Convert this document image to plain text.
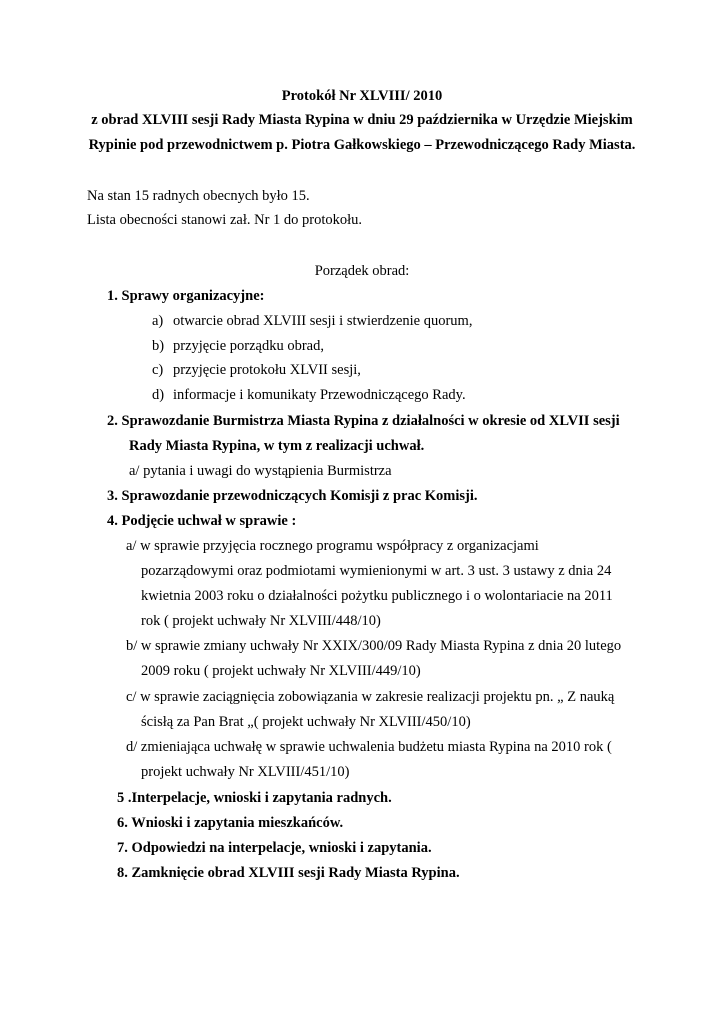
Protokół Nr XLVIII/ 2010
z obrad XLVIII sesji Rady Miasta Rypina w dniu 29 października w Urzędzie Miejskim
Rypinie pod przewodnictwem p. Piotra Gałkowskiego – Przewodniczącego Rady Miasta.
Na stan 15 radnych obecnych było 15.
Lista obecności stanowi zał. Nr 1 do protokołu.
Porządek obrad:
1. Sprawy organizacyjne:
a) otwarcie obrad XLVIII sesji i stwierdzenie quorum,
b) przyjęcie porządku obrad,
c) przyjęcie protokołu XLVII sesji,
d) informacje i komunikaty Przewodniczącego Rady.
2. Sprawozdanie Burmistrza Miasta Rypina z działalności w okresie od XLVII sesji
Rady Miasta Rypina, w tym z realizacji uchwał.
a/ pytania i uwagi do wystąpienia Burmistrza
3. Sprawozdanie przewodniczących Komisji z prac Komisji.
4. Podjęcie uchwał w sprawie :
a/ w sprawie przyjęcia rocznego programu współpracy z organizacjami
pozarządowymi oraz podmiotami wymienionymi w art. 3 ust. 3 ustawy z dnia 24
kwietnia 2003 roku o działalności pożytku publicznego i o wolontariacie na 2011
rok ( projekt uchwały Nr XLVIII/448/10)
b/ w sprawie zmiany uchwały Nr XXIX/300/09 Rady Miasta Rypina z dnia 20 lutego
2009 roku ( projekt uchwały Nr XLVIII/449/10)
c/ w sprawie zaciągnięcia zobowiązania w zakresie realizacji projektu pn. „ Z nauką
ścisłą za Pan Brat „( projekt uchwały Nr XLVIII/450/10)
d/ zmieniająca uchwałę w sprawie uchwalenia budżetu miasta Rypina na 2010 rok (
projekt uchwały Nr XLVIII/451/10)
5 .Interpelacje, wnioski i zapytania radnych.
6. Wnioski i zapytania mieszkańców.
7. Odpowiedzi na interpelacje, wnioski i zapytania.
8. Zamknięcie obrad XLVIII sesji Rady Miasta Rypina.
